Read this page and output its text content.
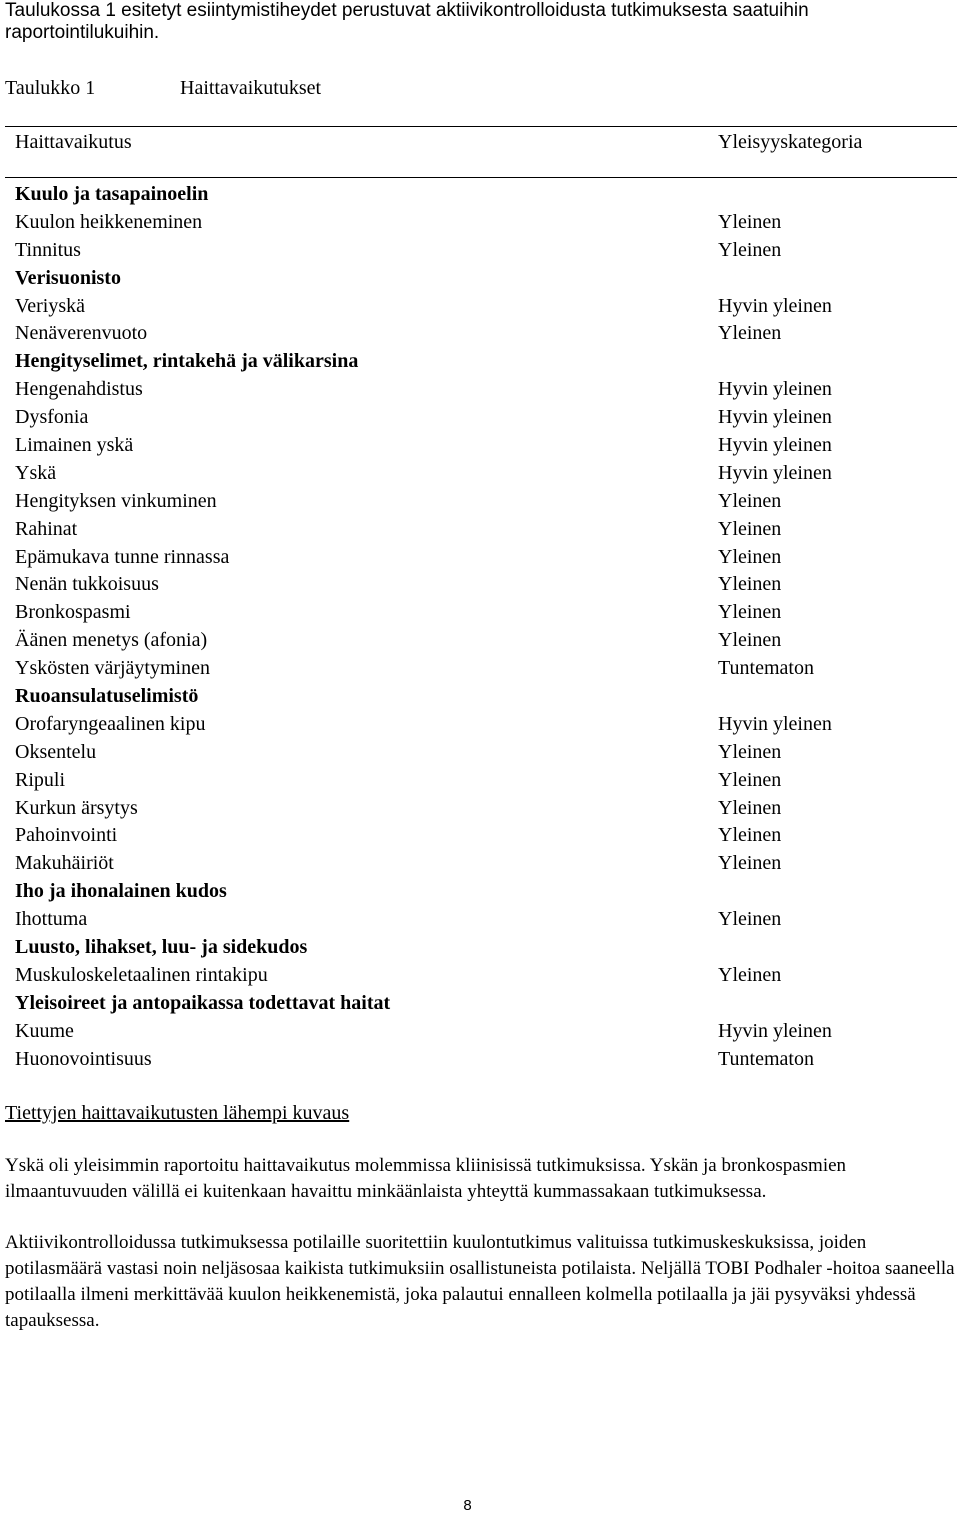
Taulukossa 1 esitetyt esiintymistiheydet perustuvat aktiivikontrolloidusta tutkimuksesta saatuihin raportointilukuihin.

Taulukko 1	Haittavaikutukset
Haittavaikutus	Yleisyyskategoria
Kuulo ja tasapainoelin
Kuulon heikkeneminen	Yleinen
Tinnitus	Yleinen
Verisuonisto
Veriyskä	Hyvin yleinen
Nenäverenvuoto	Yleinen
Hengityselimet, rintakehä ja välikarsina
Hengenahdistus	Hyvin yleinen
Dysfonia	Hyvin yleinen
Limainen yskä	Hyvin yleinen
Yskä	Hyvin yleinen
Hengityksen vinkuminen	Yleinen
Rahinat	Yleinen
Epämukava tunne rinnassa	Yleinen
Nenän tukkoisuus	Yleinen
Bronkospasmi	Yleinen
Äänen menetys (afonia)	Yleinen
Yskösten värjäytyminen	Tuntematon
Ruoansulatuselimistö
Orofaryngeaalinen kipu	Hyvin yleinen
Oksentelu	Yleinen
Ripuli	Yleinen
Kurkun ärsytys	Yleinen
Pahoinvointi	Yleinen
Makuhäiriöt	Yleinen
Iho ja ihonalainen kudos
Ihottuma	Yleinen
Luusto, lihakset, luu- ja sidekudos
Muskuloskeletaalinen rintakipu	Yleinen
Yleisoireet ja antopaikassa todettavat haitat
Kuume	Hyvin yleinen
Huonovointisuus	Tuntematon
Tiettyjen haittavaikutusten lähempi kuvaus

Yskä oli yleisimmin raportoitu haittavaikutus molemmissa kliinisissä tutkimuksissa. Yskän ja bronkospasmien ilmaantuvuuden välillä ei kuitenkaan havaittu minkäänlaista yhteyttä kummassakaan tutkimuksessa.

Aktiivikontrolloidussa tutkimuksessa potilaille suoritettiin kuulontutkimus valituissa tutkimuskeskuksissa, joiden potilasmäärä vastasi noin neljäsosaa kaikista tutkimuksiin osallistuneista potilaista. Neljällä TOBI Podhaler -hoitoa saaneella potilaalla ilmeni merkittävää kuulon heikkenemistä, joka palautui ennalleen kolmella potilaalla ja jäi pysyväksi yhdessä tapauksessa.

8
